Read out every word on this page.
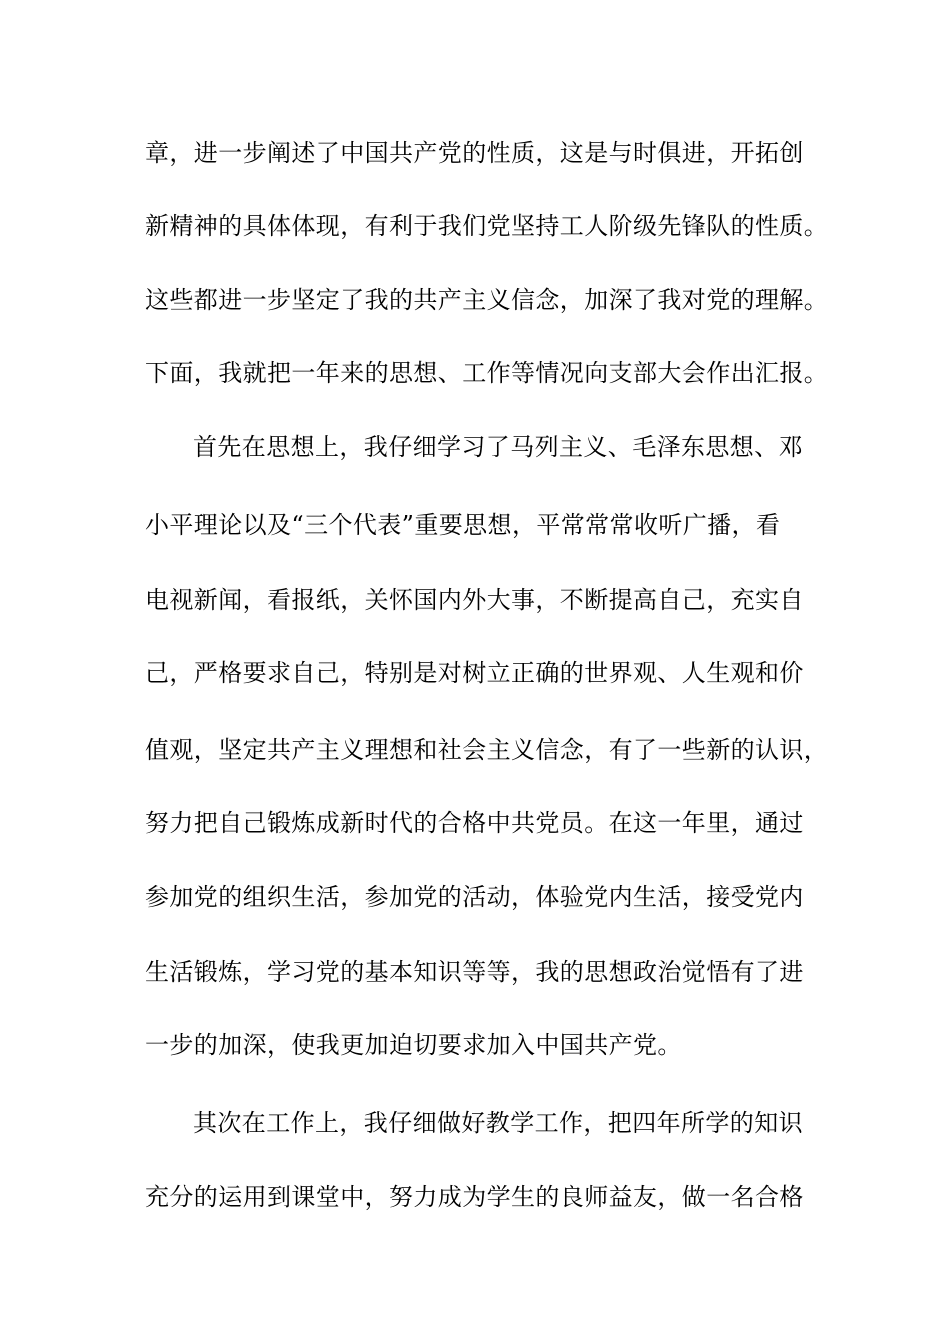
章，进一步阐述了中国共产党的性质，这是与时俱进，开拓创
新精神的具体体现，有利于我们党坚持工人阶级先锋队的性质。
这些都进一步坚定了我的共产主义信念，加深了我对党的理解。
下面，我就把一年来的思想、工作等情况向支部大会作出汇报。
首先在思想上，我仔细学习了马列主义、毛泽东思想、邓
小平理论以及“三个代表”重要思想，平常常常收听广播，看
电视新闻，看报纸，关怀国内外大事，不断提高自己，充实自
己，严格要求自己，特别是对树立正确的世界观、人生观和价
值观，坚定共产主义理想和社会主义信念，有了一些新的认识，
努力把自己锻炼成新时代的合格中共党员。在这一年里，通过
参加党的组织生活，参加党的活动，体验党内生活，接受党内
生活锻炼，学习党的基本知识等等，我的思想政治觉悟有了进
一步的加深，使我更加迫切要求加入中国共产党。
其次在工作上，我仔细做好教学工作，把四年所学的知识
充分的运用到课堂中，努力成为学生的良师益友，做一名合格
